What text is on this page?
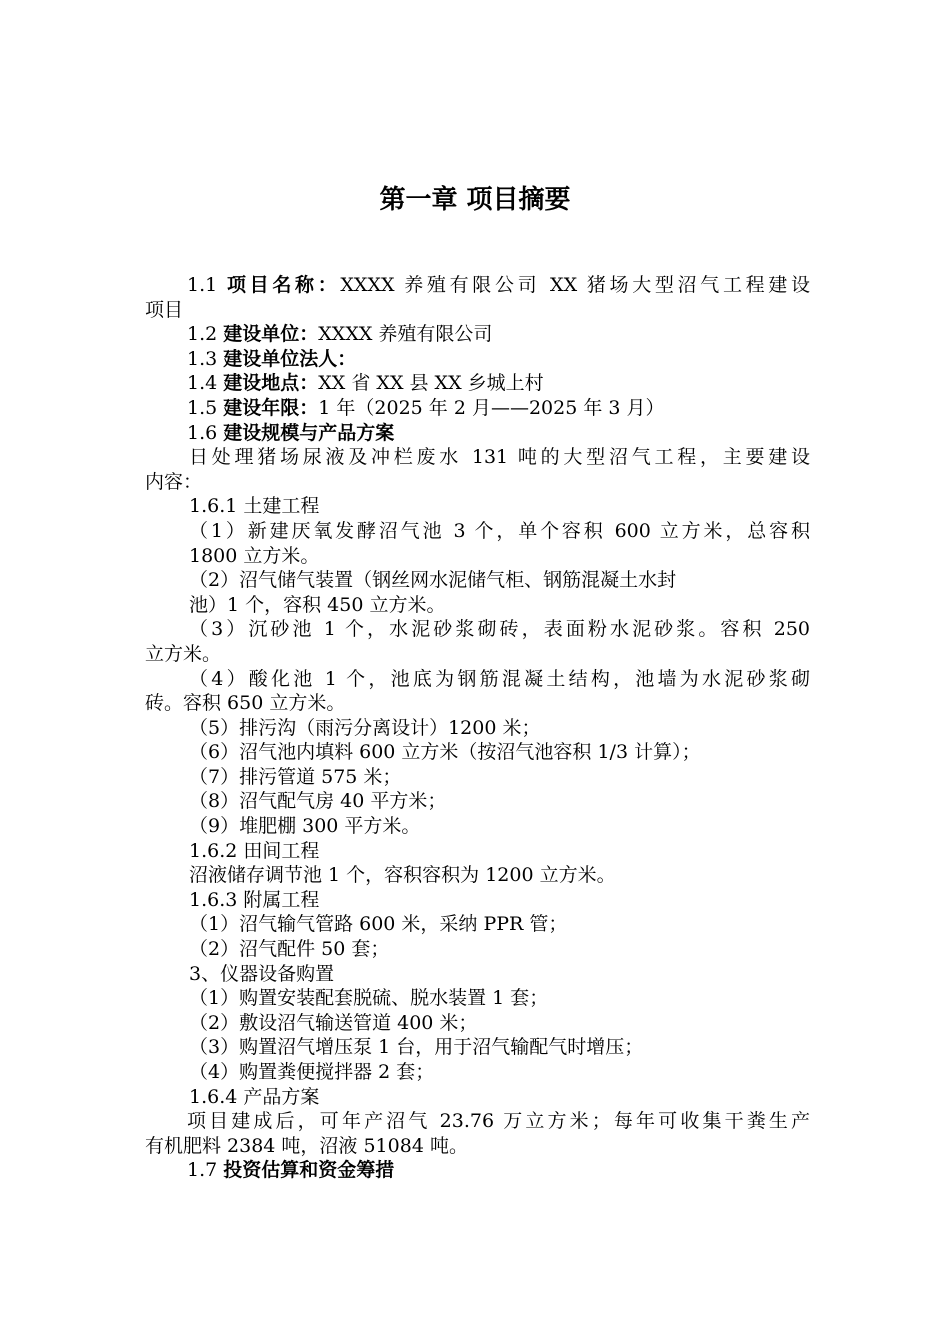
第一章 项目摘要

1.1 项目名称：XXXX 养殖有限公司 XX 猪场大型沼气工程建设

项目

1.2 建设单位：XXXX 养殖有限公司

1.3 建设单位法人：

1.4 建设地点：XX 省 XX 县 XX 乡城上村

1.5 建设年限：1 年（2025 年 2 月——2025 年 3 月）

1.6 建设规模与产品方案

日处理猪场尿液及冲栏废水 131 吨的大型沼气工程，主要建设

内容：

1.6.1 土建工程

（1）新建厌氧发酵沼气池 3 个，单个容积 600 立方米，总容积

1800 立方米。

（2）沼气储气装置（钢丝网水泥储气柜、钢筋混凝土水封

池）1 个，容积 450 立方米。

（3）沉砂池 1 个，水泥砂浆砌砖，表面粉水泥砂浆。容积 250

立方米。

（4）酸化池 1 个，池底为钢筋混凝土结构，池墙为水泥砂浆砌

砖。容积 650 立方米。

（5）排污沟（雨污分离设计）1200 米；

（6）沼气池内填料 600 立方米（按沼气池容积 1/3 计算）；

（7）排污管道 575 米；

（8）沼气配气房 40 平方米；

（9）堆肥棚 300 平方米。

1.6.2 田间工程

沼液储存调节池 1 个，容积容积为 1200 立方米。

1.6.3 附属工程

（1）沼气输气管路 600 米，采纳 PPR 管；

（2）沼气配件 50 套；

3、仪器设备购置

（1）购置安装配套脱硫、脱水装置 1 套；

（2）敷设沼气输送管道 400 米；

（3）购置沼气增压泵 1 台，用于沼气输配气时增压；

（4）购置粪便搅拌器 2 套；

1.6.4 产品方案

项目建成后，可年产沼气 23.76 万立方米；每年可收集干粪生产

有机肥料 2384 吨，沼液 51084 吨。

1.7 投资估算和资金筹措
